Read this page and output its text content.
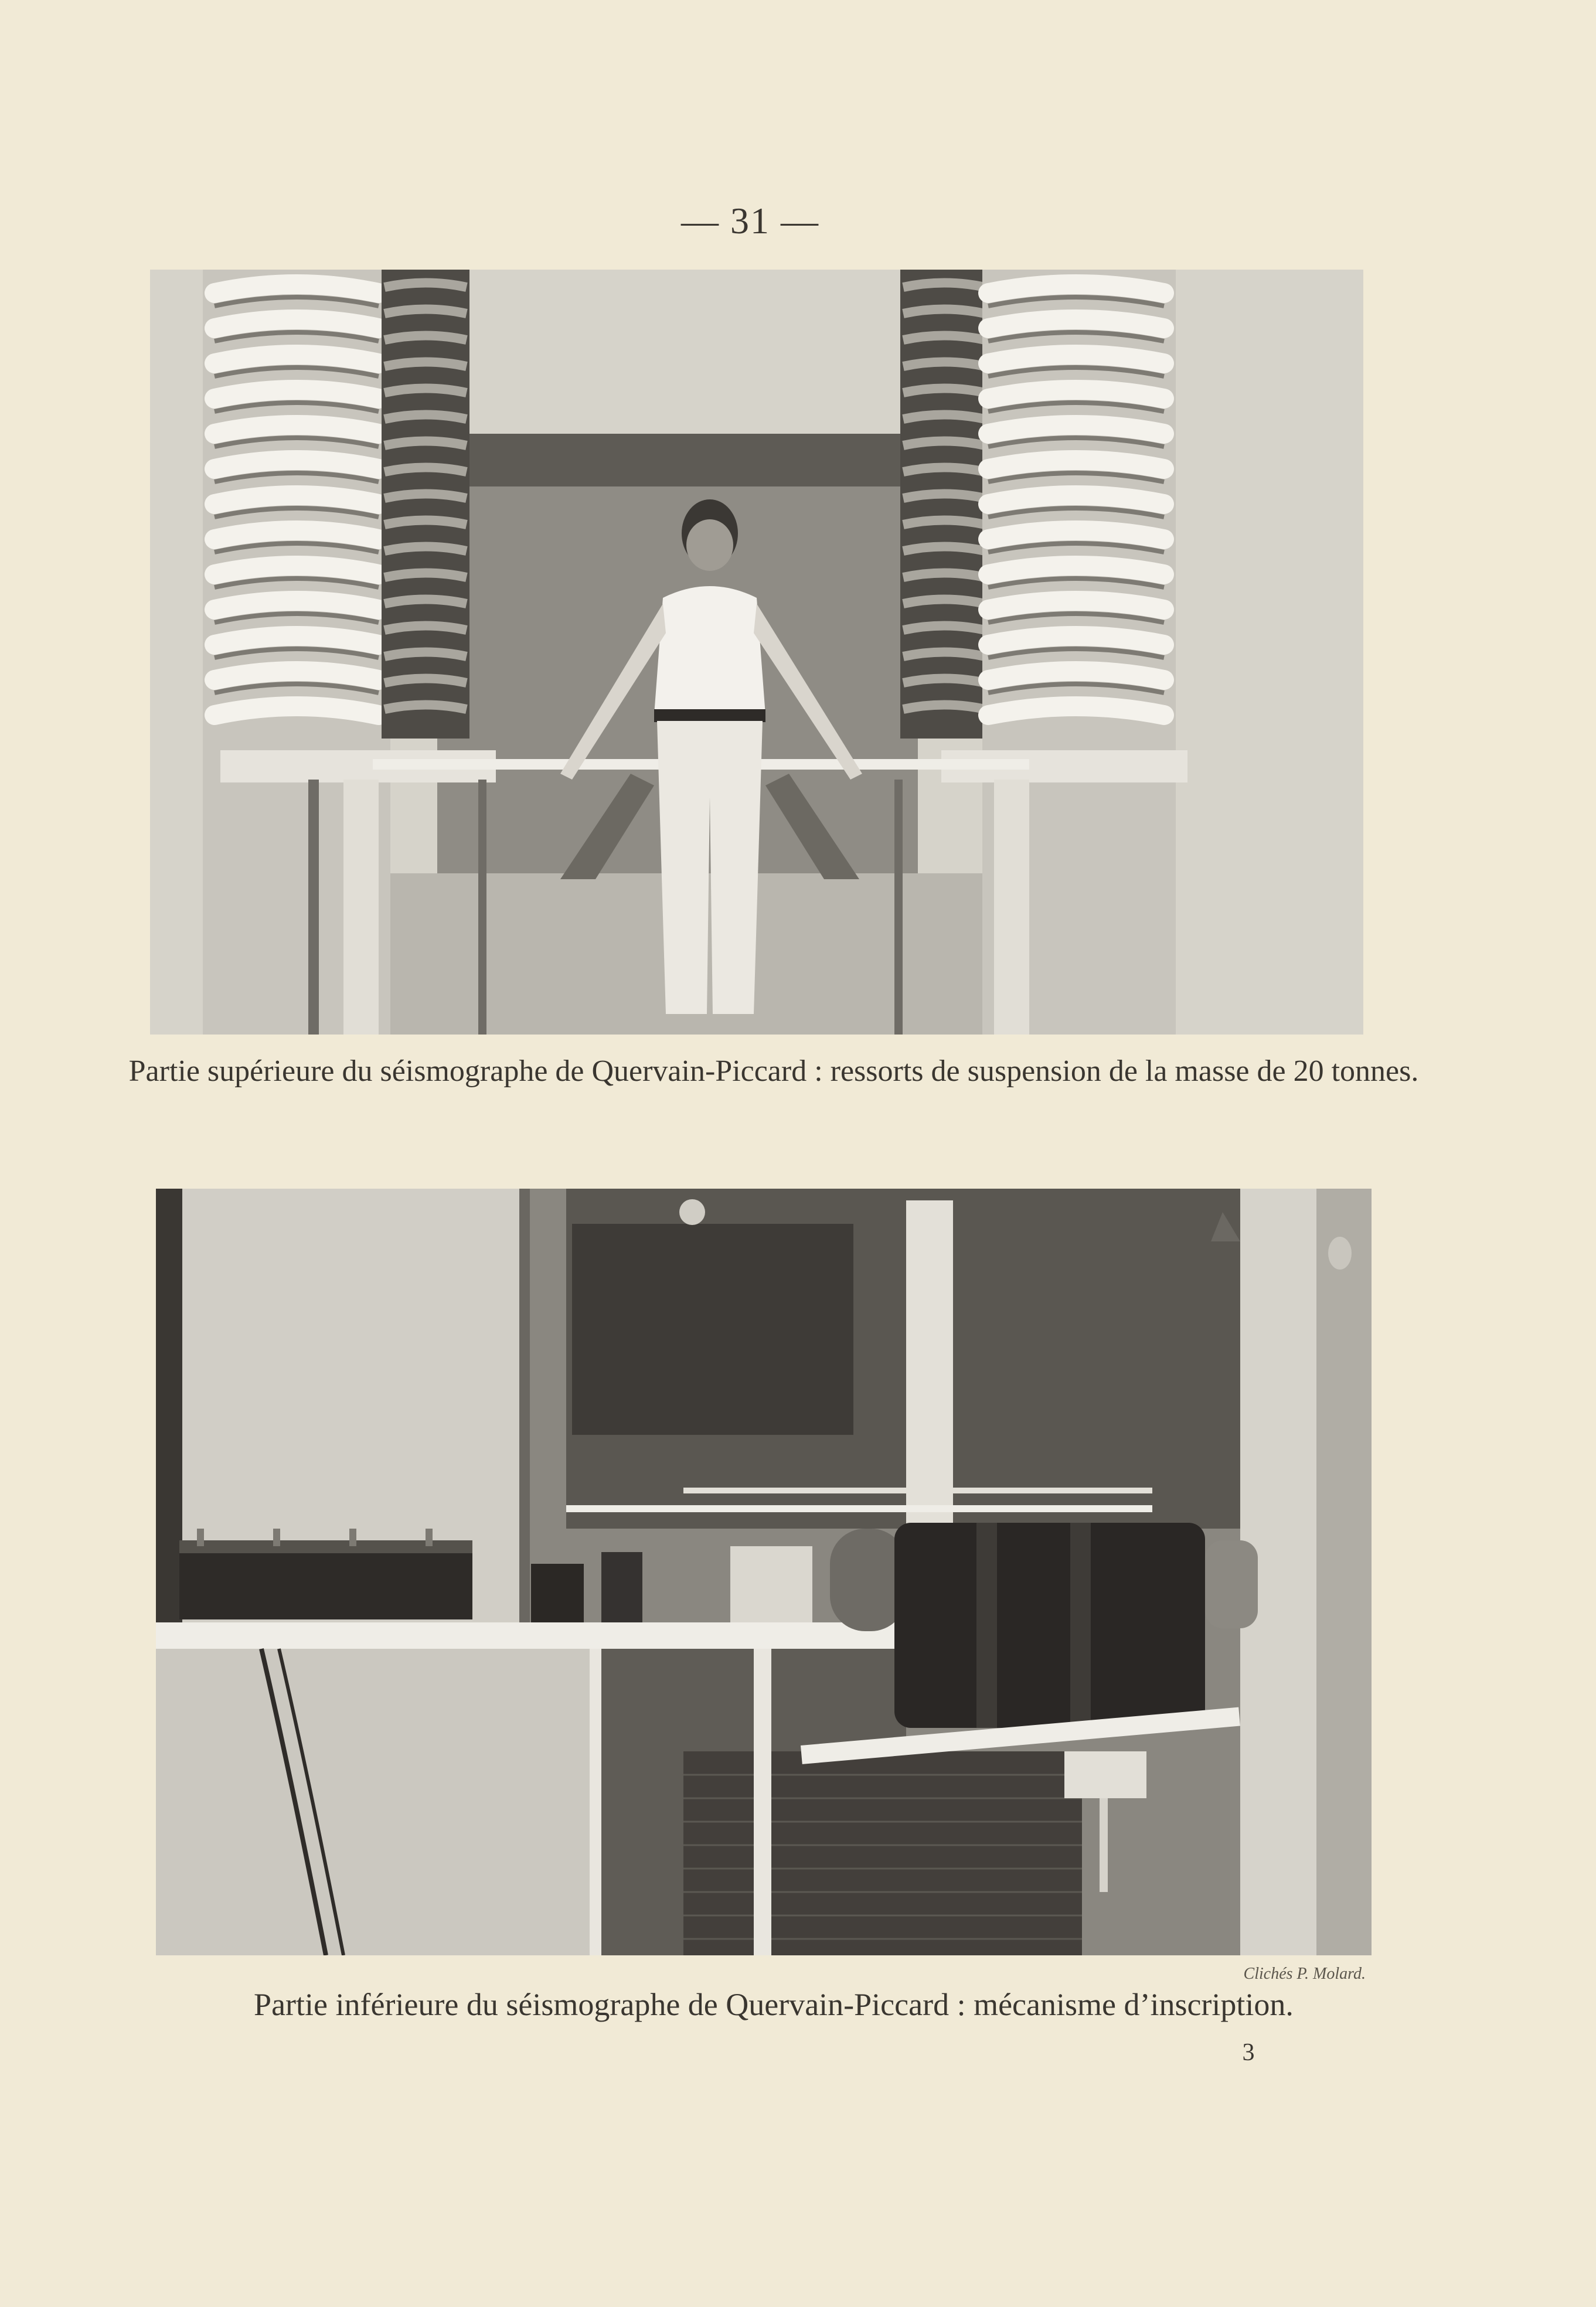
— 31 —
Partie supérieure du séismographe de Quervain-Piccard : ressorts de suspension de la masse de 20 tonnes.
Clichés P. Molard.
Partie inférieure du séismographe de Quervain-Piccard : mécanisme d’inscription.
3
